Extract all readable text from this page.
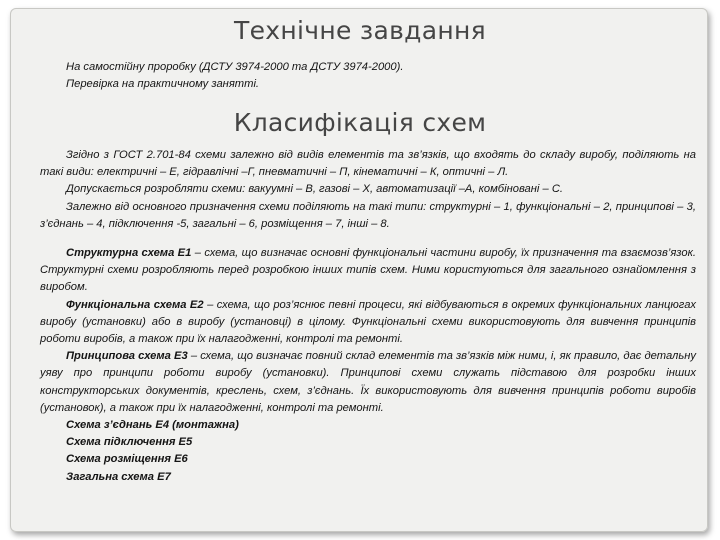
Технічне завдання

На самостійну проробку (ДСТУ 3974-2000 та ДСТУ 3974-2000).

Перевірка на практичному занятті.

Класифікація схем

Згідно з ГОСТ 2.701-84 схеми залежно від видів елементів та зв’язків, що входять до складу виробу, поділяють на такі види: електричні – Е, гідравлічні –Г, пневматичні – П, кінематичні – К, оптичні – Л.

Допускається розробляти схеми: вакуумні – В, газові – Х, автоматизації –А, комбіновані – С.

Залежно від основного призначення схеми поділяють на такі типи: структурні – 1, функціональні – 2, принципові – 3, з’єднань – 4, підключення -5, загальні – 6, розміщення – 7, інші – 8.

Структурна схема Е1 – схема, що визначає основні функціональні частини виробу, їх призначення та взаємозв’язок. Структурні схеми розробляють перед розробкою інших типів схем. Ними користуються для загального ознайомлення з виробом.

Функціональна схема Е2 – схема, що роз’яснює певні процеси, які відбуваються в окремих функціональних ланцюгах виробу (установки) або в виробу (установці) в цілому. Функціональні схеми використовують для вивчення принципів роботи виробів, а також при їх налагодженні, контролі та ремонті.

Принципова схема Е3 – схема, що визначає повний склад елементів та зв’язків між ними, і, як правило, дає детальну уяву про принципи роботи виробу (установки). Принципові схеми служать підставою для розробки інших конструкторських документів, креслень, схем, з’єднань. Їх використовують для вивчення принципів роботи виробів (установок), а також при їх налагодженні, контролі та ремонті.

Схема з’єднань Е4 (монтажна)

Схема підключення Е5

Схема розміщення Е6

Загальна схема Е7
